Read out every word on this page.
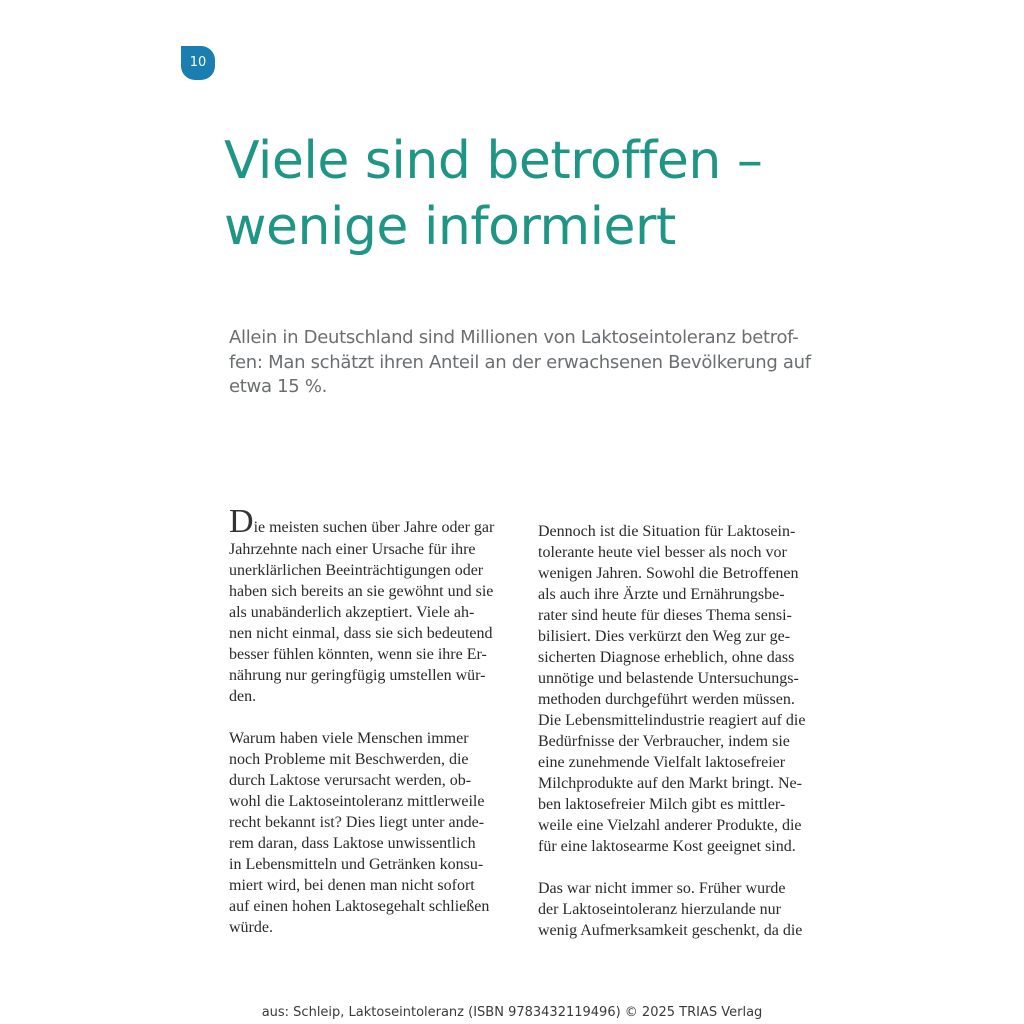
10
Viele sind betroffen –
wenige informiert

Allein in Deutschland sind Millionen von Laktoseintoleranz betrof-
fen: Man schätzt ihren Anteil an der erwachsenen Bevölkerung auf
etwa 15 %.

Die meisten suchen über Jahre oder gar
Jahrzehnte nach einer Ursache für ihre
unerklärlichen Beeinträchtigungen oder
haben sich bereits an sie gewöhnt und sie
als unabänderlich akzeptiert. Viele ah-
nen nicht einmal, dass sie sich bedeutend
besser fühlen könnten, wenn sie ihre Er-
nährung nur geringfügig umstellen wür-
den.
Warum haben viele Menschen immer
noch Probleme mit Beschwerden, die
durch Laktose verursacht werden, ob-
wohl die Laktoseintoleranz mittlerweile
recht bekannt ist? Dies liegt unter ande-
rem daran, dass Laktose unwissentlich
in Lebensmitteln und Getränken konsu-
miert wird, bei denen man nicht sofort
auf einen hohen Laktosegehalt schließen
würde.
Dennoch ist die Situation für Laktosein-
tolerante heute viel besser als noch vor
wenigen Jahren. Sowohl die Betroffenen
als auch ihre Ärzte und Ernährungsbe-
rater sind heute für dieses Thema sensi-
bilisiert. Dies verkürzt den Weg zur ge-
sicherten Diagnose erheblich, ohne dass
unnötige und belastende Untersuchungs-
methoden durchgeführt werden müssen.
Die Lebensmittelindustrie reagiert auf die
Bedürfnisse der Verbraucher, indem sie
eine zunehmende Vielfalt laktosefreier
Milchprodukte auf den Markt bringt. Ne-
ben laktosefreier Milch gibt es mittler-
weile eine Vielzahl anderer Produkte, die
für eine laktosearme Kost geeignet sind.
Das war nicht immer so. Früher wurde
der Laktoseintoleranz hierzulande nur
wenig Aufmerksamkeit geschenkt, da die
aus: Schleip, Laktoseintoleranz (ISBN 9783432119496) © 2025 TRIAS Verlag
